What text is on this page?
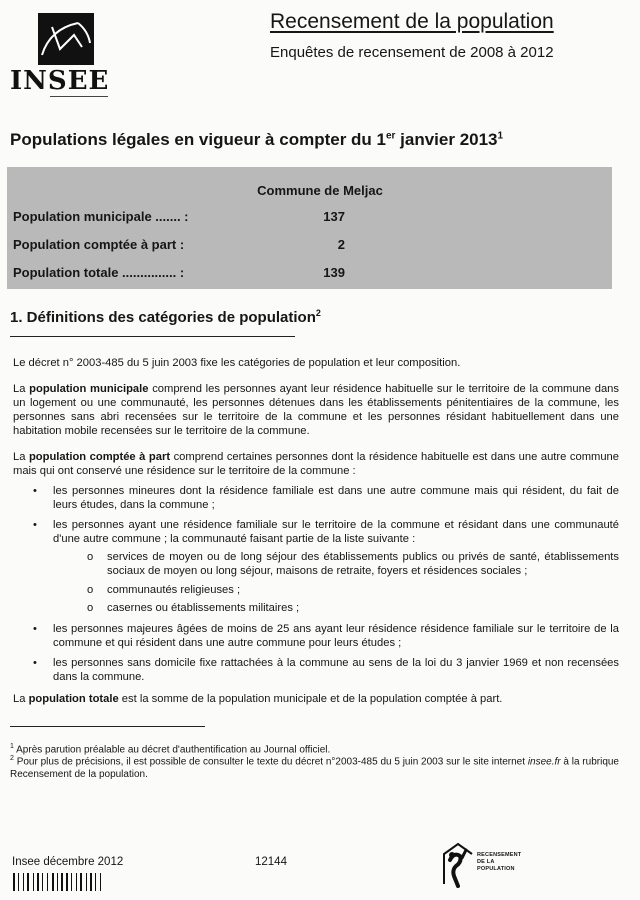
INSEE
Recensement de la population
Enquêtes de recensement de 2008 à 2012
Populations légales en vigueur à compter du 1er janvier 2013$^1$
Commune de Meljac
Population municipale ....... :	137
Population comptée à part :	2
Population totale ............... :	139
1. Définitions des catégories de population$^2$
Le décret n° 2003-485 du 5 juin 2003 fixe les catégories de population et leur composition.
La population municipale comprend les personnes ayant leur résidence habituelle sur le territoire de la commune dans un logement ou une communauté, les personnes détenues dans les établissements pénitentiaires de la commune, les personnes sans abri recensées sur le territoire de la commune et les personnes résidant habituellement dans une habitation mobile recensées sur le territoire de la commune.
La population comptée à part comprend certaines personnes dont la résidence habituelle est dans une autre commune mais qui ont conservé une résidence sur le territoire de la commune :
• les personnes mineures dont la résidence familiale est dans une autre commune mais qui résident, du fait de leurs études, dans la commune ;
• les personnes ayant une résidence familiale sur le territoire de la commune et résidant dans une communauté d'une autre commune ; la communauté faisant partie de la liste suivante :
o services de moyen ou de long séjour des établissements publics ou privés de santé, établissements sociaux de moyen ou long séjour, maisons de retraite, foyers et résidences sociales ;
o communautés religieuses ;
o casernes ou établissements militaires ;
• les personnes majeures âgées de moins de 25 ans ayant leur résidence résidence familiale sur le territoire de la commune et qui résident dans une autre commune pour leurs études ;
• les personnes sans domicile fixe rattachées à la commune au sens de la loi du 3 janvier 1969 et non recensées dans la commune.
La population totale est la somme de la population municipale et de la population comptée à part.
$^1$ Après parution préalable au décret d'authentification au Journal officiel.
$^2$ Pour plus de précisions, il est possible de consulter le texte du décret n°2003-485 du 5 juin 2003 sur le site internet insee.fr à la rubrique Recensement de la population.
Insee décembre 2012	12144
RECENSEMENT
DE LA
POPULATION
